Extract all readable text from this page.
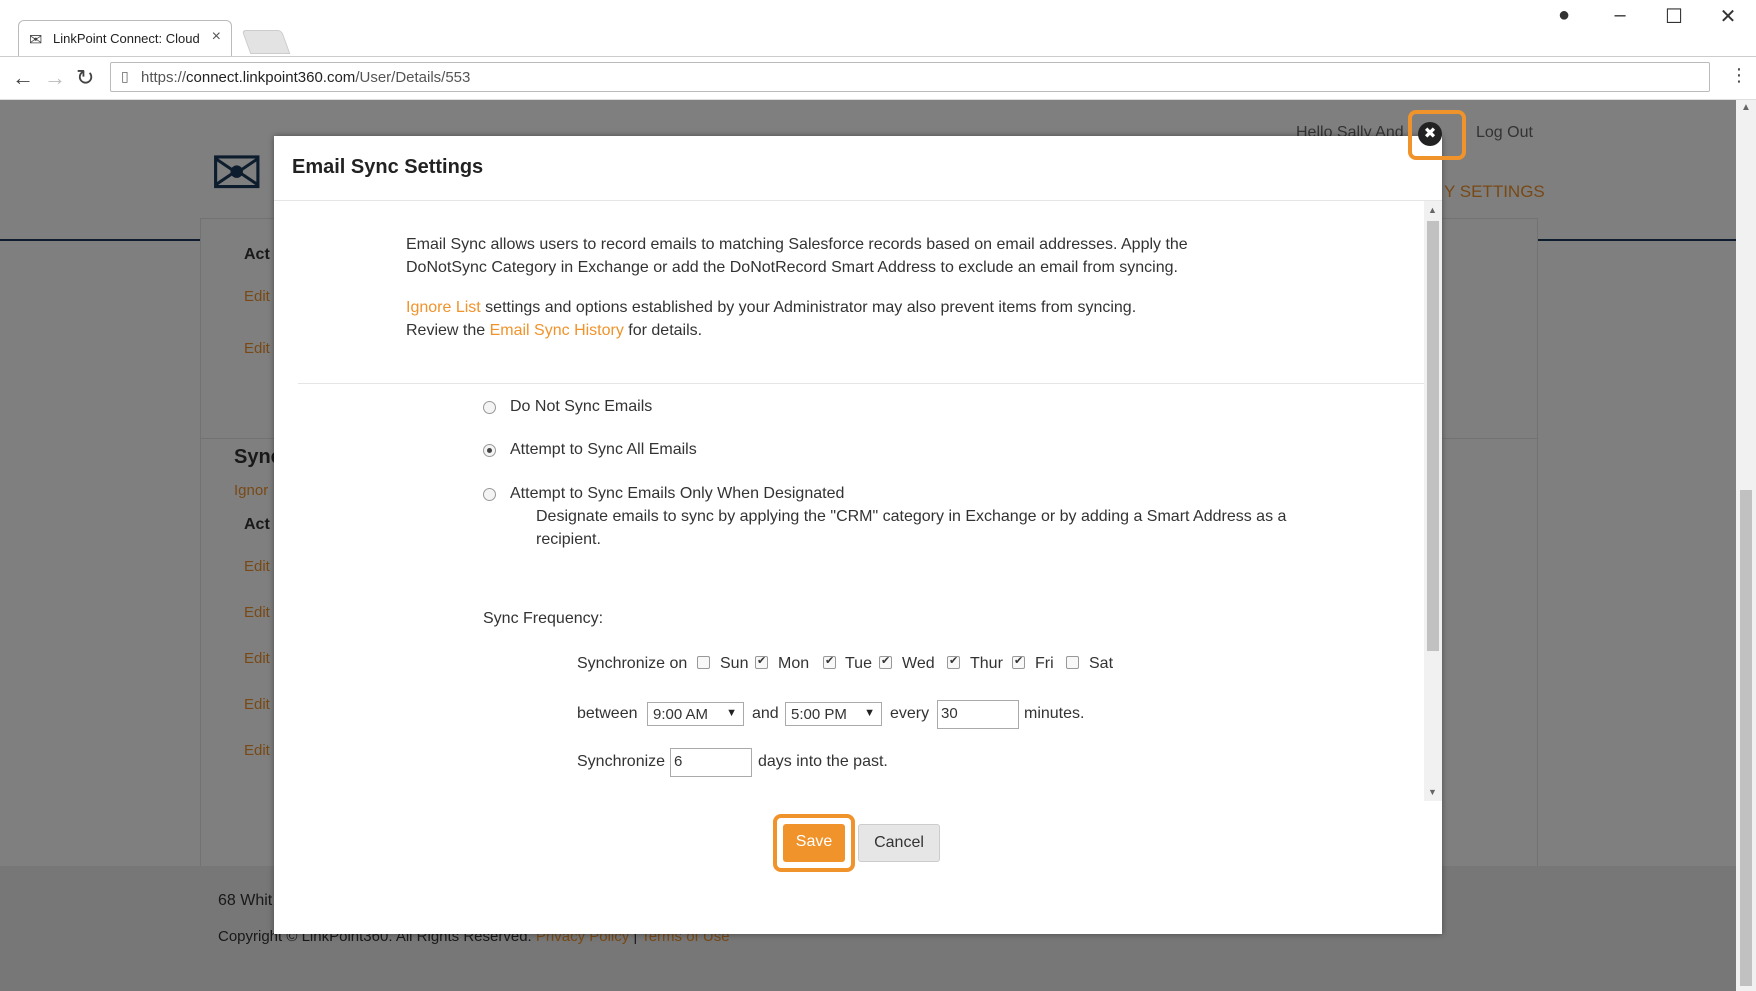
✉ LinkPoint Connect: Cloud ×
●	–	☐	✕
← → ↻ ▯ https://connect.linkpoint360.com/User/Details/553	⋮
▲
Email Sync Settings
Email Sync allows users to record emails to matching Salesforce records based on email addresses. Apply the
DoNotSync Category in Exchange or add the DoNotRecord Smart Address to exclude an email from syncing.
Ignore List settings and options established by your Administrator may also prevent items from syncing.
Review the Email Sync History for details.
Do Not Sync Emails
Attempt to Sync All Emails
Attempt to Sync Emails Only When Designated
Designate emails to sync by applying the "CRM" category in Exchange or by adding a Smart Address as a
recipient.
Sync Frequency:
Synchronize on Sun ✔ Mon ✔ Tue ✔ Wed ✔ Thur ✔ Fri Sat
between 9:00 AM ▼ and 5:00 PM ▼ every 30	minutes.
Synchronize 6	days into the past.
▲
▼
Save	Cancel
✖
